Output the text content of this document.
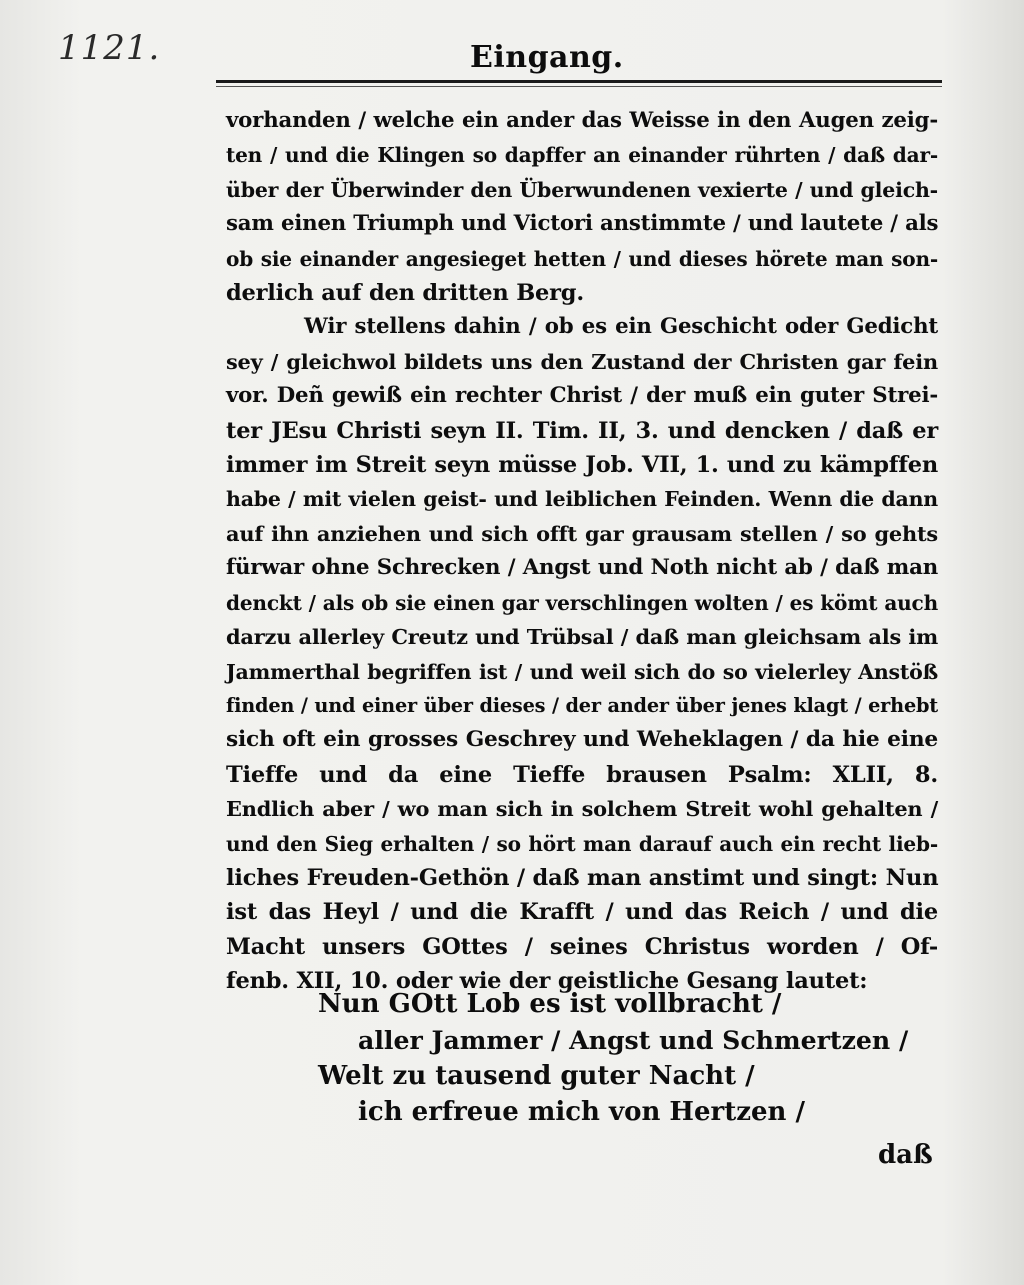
1121.	Eingang.
vorhanden / welche ein ander das Weisse in den Augen zeig-
ten / und die Klingen so dapffer an einander rührten / daß dar-
über der Überwinder den Überwundenen vexierte / und gleich-
sam einen Triumph und Victori anstimmte / und lautete / als
ob sie einander angesieget hetten / und dieses hörete man son-
derlich auf den dritten Berg.
Wir stellens dahin / ob es ein Geschicht oder Gedicht
sey / gleichwol bildets uns den Zustand der Christen gar fein
vor. Deñ gewiß ein rechter Christ / der muß ein guter Strei-
ter JEsu Christi seyn II. Tim. II, 3. und dencken / daß er
immer im Streit seyn müsse Job. VII, 1. und zu kämpffen
habe / mit vielen geist- und leiblichen Feinden. Wenn die dann
auf ihn anziehen und sich offt gar grausam stellen / so gehts
fürwar ohne Schrecken / Angst und Noth nicht ab / daß man
denckt / als ob sie einen gar verschlingen wolten / es kömt auch
darzu allerley Creutz und Trübsal / daß man gleichsam als im
Jammerthal begriffen ist / und weil sich do so vielerley Anstöß
finden / und einer über dieses / der ander über jenes klagt / erhebt
sich oft ein grosses Geschrey und Weheklagen / da hie eine
Tieffe und da eine Tieffe brausen Psalm: XLII, 8.
Endlich aber / wo man sich in solchem Streit wohl gehalten /
und den Sieg erhalten / so hört man darauf auch ein recht lieb-
liches Freuden-Gethön / daß man anstimt und singt: Nun
ist das Heyl / und die Krafft / und das Reich / und die
Macht unsers GOttes / seines Christus worden / Of-
fenb. XII, 10. oder wie der geistliche Gesang lautet:
Nun GOtt Lob es ist vollbracht /
aller Jammer / Angst und Schmertzen /
Welt zu tausend guter Nacht /
ich erfreue mich von Hertzen /
daß
